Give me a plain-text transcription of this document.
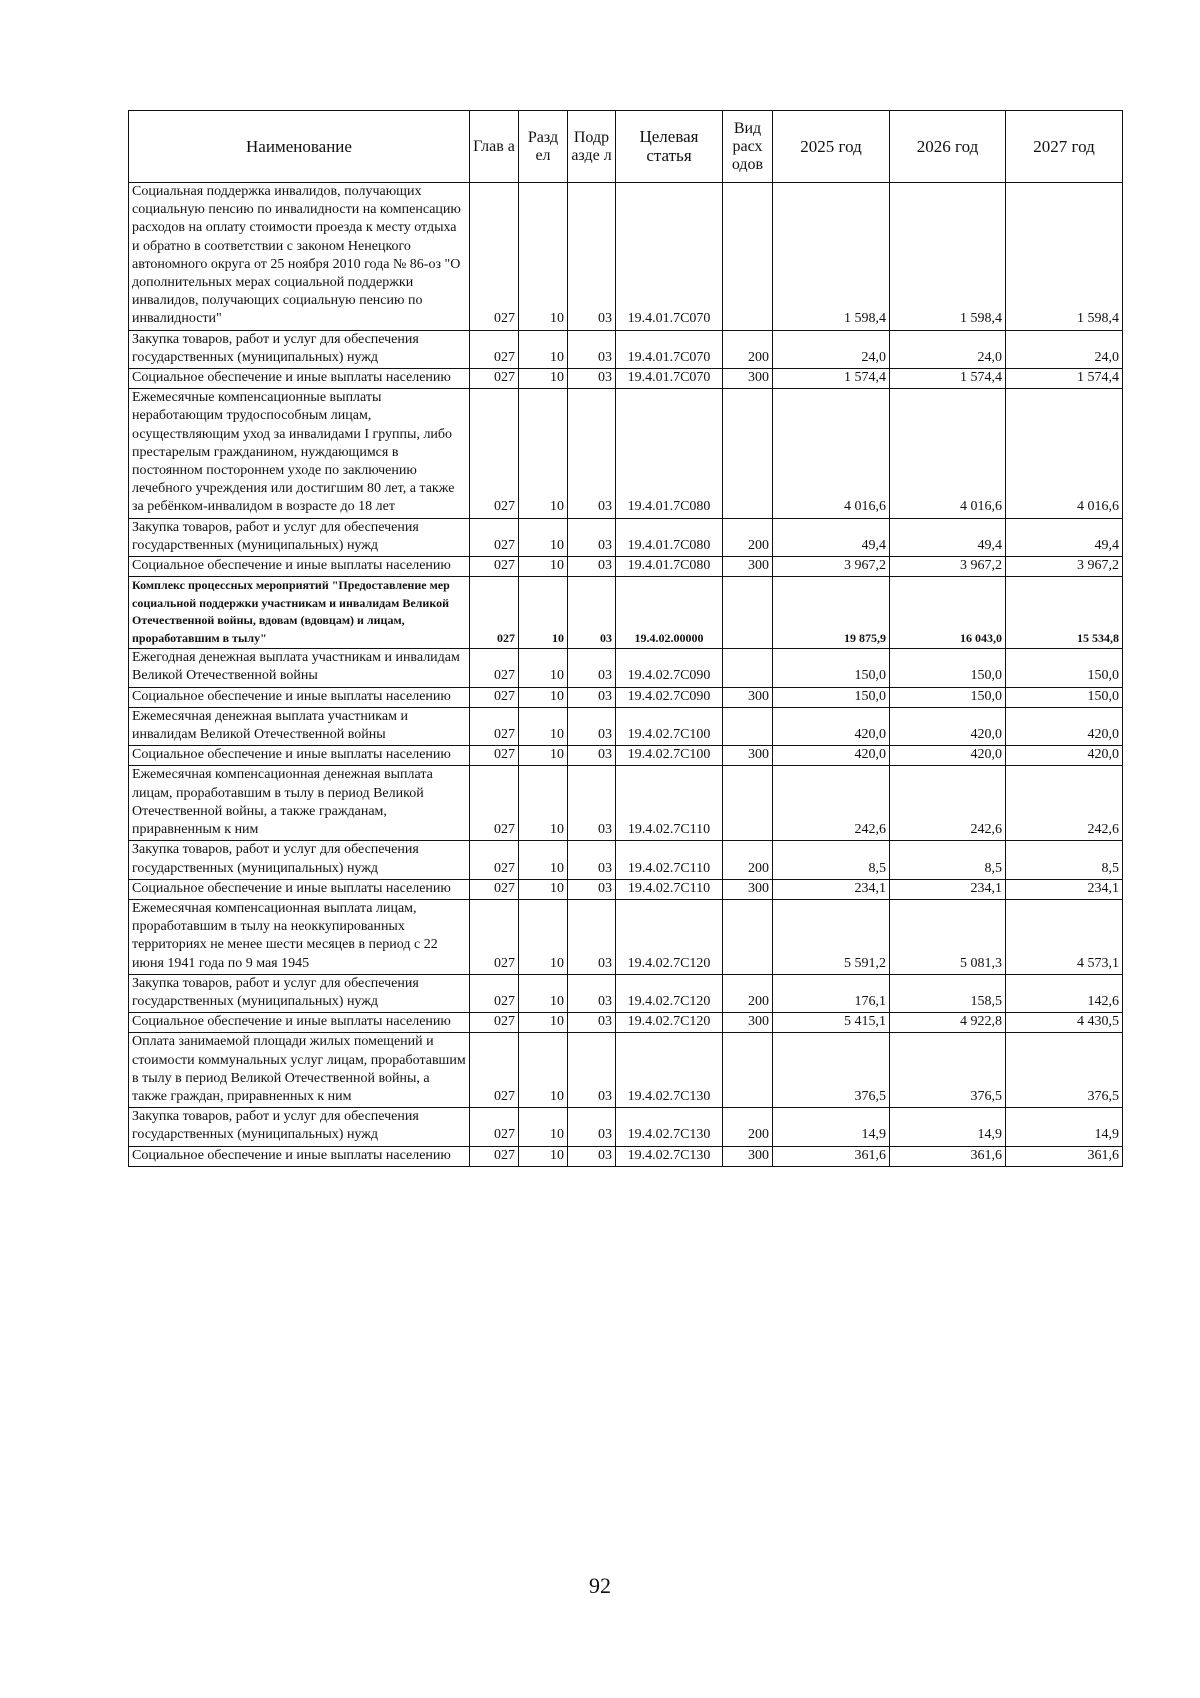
Наименование	Глав а	Разд ел	Подр азде л	Целевая статья	Вид расх одов	2025 год	2026 год	2027 год
Социальная поддержка инвалидов, получающих социальную пенсию по инвалидности на компенсацию расходов на оплату стоимости проезда к месту отдыха и обратно в соответствии с законом Ненецкого автономного округа от 25 ноября 2010 года № 86-оз "О дополнительных мерах социальной поддержки инвалидов, получающих социальную пенсию по инвалидности"	027	10	03	19.4.01.7С070		1 598,4	1 598,4	1 598,4
Закупка товаров, работ и услуг для обеспечения государственных (муниципальных) нужд	027	10	03	19.4.01.7С070	200	24,0	24,0	24,0
Социальное обеспечение и иные выплаты населению	027	10	03	19.4.01.7С070	300	1 574,4	1 574,4	1 574,4
Ежемесячные компенсационные выплаты неработающим трудоспособным лицам, осуществляющим уход за инвалидами I группы, либо престарелым гражданином, нуждающимся в постоянном постороннем уходе по заключению лечебного учреждения или достигшим 80 лет, а также за ребёнком-инвалидом в возрасте до 18 лет	027	10	03	19.4.01.7С080		4 016,6	4 016,6	4 016,6
Закупка товаров, работ и услуг для обеспечения государственных (муниципальных) нужд	027	10	03	19.4.01.7С080	200	49,4	49,4	49,4
Социальное обеспечение и иные выплаты населению	027	10	03	19.4.01.7С080	300	3 967,2	3 967,2	3 967,2
Комплекс процессных мероприятий "Предоставление мер социальной поддержки участникам и инвалидам Великой Отечественной войны, вдовам (вдовцам) и лицам, проработавшим в тылу"	027	10	03	19.4.02.00000		19 875,9	16 043,0	15 534,8
Ежегодная денежная выплата участникам и инвалидам Великой Отечественной войны	027	10	03	19.4.02.7С090		150,0	150,0	150,0
Социальное обеспечение и иные выплаты населению	027	10	03	19.4.02.7С090	300	150,0	150,0	150,0
Ежемесячная денежная выплата участникам и инвалидам Великой Отечественной войны	027	10	03	19.4.02.7С100		420,0	420,0	420,0
Социальное обеспечение и иные выплаты населению	027	10	03	19.4.02.7С100	300	420,0	420,0	420,0
Ежемесячная компенсационная денежная выплата лицам, проработавшим в тылу в период Великой Отечественной войны, а также гражданам, приравненным к ним	027	10	03	19.4.02.7С110		242,6	242,6	242,6
Закупка товаров, работ и услуг для обеспечения государственных (муниципальных) нужд	027	10	03	19.4.02.7С110	200	8,5	8,5	8,5
Социальное обеспечение и иные выплаты населению	027	10	03	19.4.02.7С110	300	234,1	234,1	234,1
Ежемесячная компенсационная выплата лицам, проработавшим в тылу на неоккупированных территориях не менее шести месяцев в период с 22 июня 1941 года по 9 мая 1945	027	10	03	19.4.02.7С120		5 591,2	5 081,3	4 573,1
Закупка товаров, работ и услуг для обеспечения государственных (муниципальных) нужд	027	10	03	19.4.02.7С120	200	176,1	158,5	142,6
Социальное обеспечение и иные выплаты населению	027	10	03	19.4.02.7С120	300	5 415,1	4 922,8	4 430,5
Оплата занимаемой площади жилых помещений и стоимости коммунальных услуг лицам, проработавшим в тылу в период Великой Отечественной войны, а также граждан, приравненных к ним	027	10	03	19.4.02.7С130		376,5	376,5	376,5
Закупка товаров, работ и услуг для обеспечения государственных (муниципальных) нужд	027	10	03	19.4.02.7С130	200	14,9	14,9	14,9
Социальное обеспечение и иные выплаты населению	027	10	03	19.4.02.7С130	300	361,6	361,6	361,6
92
